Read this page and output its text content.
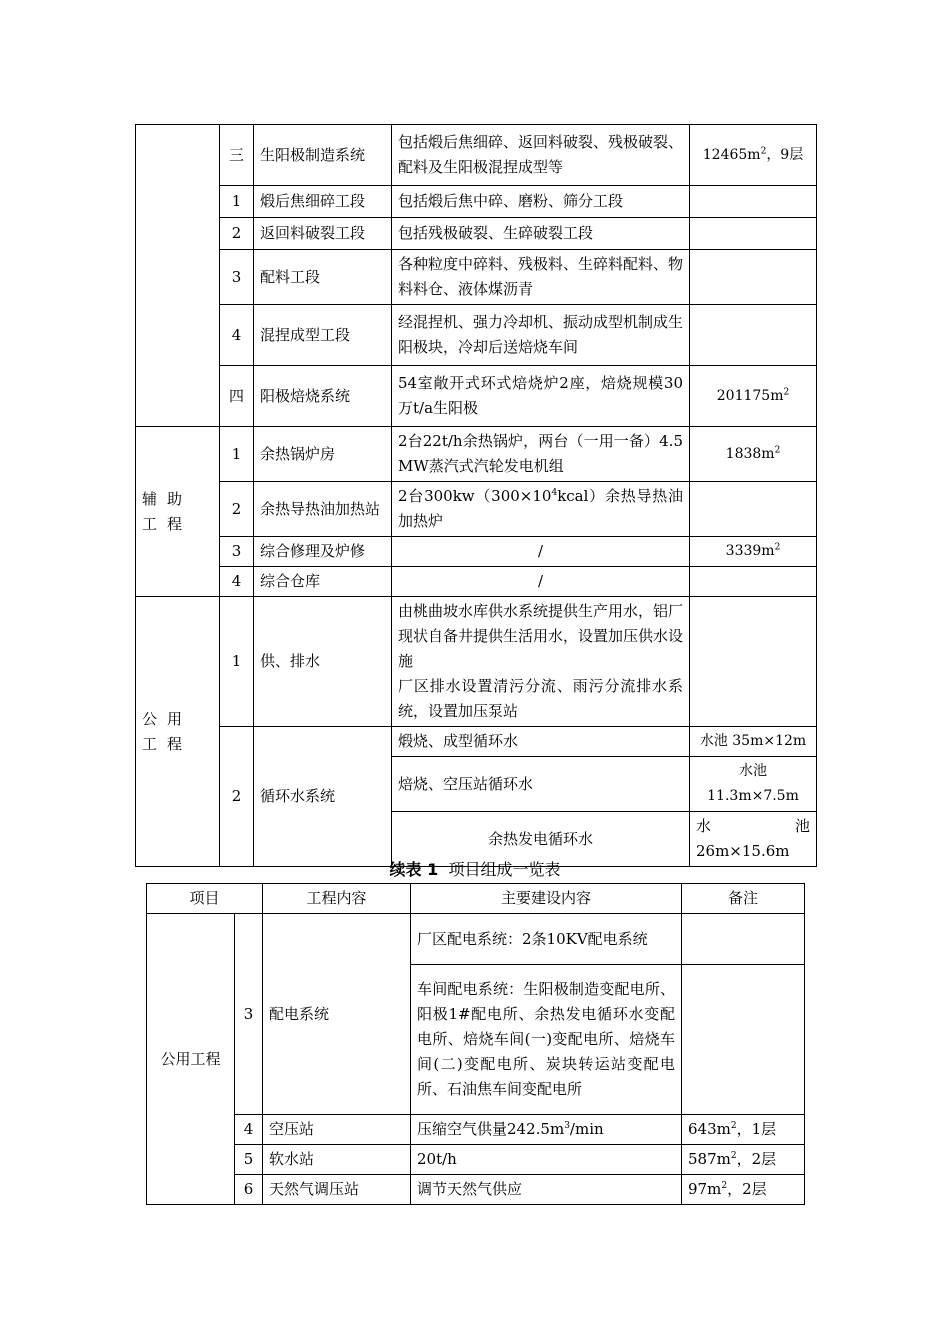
	三	生阳极制造系统	包括煅后焦细碎、返回料破裂、残极破裂、配料及生阳极混捏成型等	$12465m^2$，9层
	1	煅后焦细碎工段	包括煅后焦中碎、磨粉、筛分工段	
	2	返回料破裂工段	包括残极破裂、生碎破裂工段	
	3	配料工段	各种粒度中碎料、残极料、生碎料配料、物料料仓、液体煤沥青	
	4	混捏成型工段	经混捏机、强力冷却机、振动成型机制成生阳极块，冷却后送焙烧车间	
	四	阳极焙烧系统	54室敞开式环式焙烧炉2座，焙烧规模30万t/a生阳极	$201175m^2$
辅助工程	1	余热锅炉房	2台22t/h余热锅炉，两台（一用一备）4.5MW蒸汽式汽轮发电机组	$1838m^2$
	2	余热导热油加热站	2台$300kw(300\times 10^4kcal)$余热导热油加热炉	
	3	综合修理及炉修	/	$3339m^2$
	4	综合仓库	/	
公用工程	1	供、排水	由桃曲坡水库供水系统提供生产用水，铝厂现状自备井提供生活用水，设置加压供水设施
厂区排水设置清污分流、雨污分流排水系统，设置加压泵站	
	2	循环水系统	煅烧、成型循环水	水池 35m×12m
			焙烧、空压站循环水	水池
11.3m×7.5m
			余热发电循环水	水 池
26m×15.6m
续表 1 项目组成一览表
项目		工程内容	主要建设内容	备注
公用工程	3	配电系统	厂区配电系统：2条10KV配电系统	
			车间配电系统：生阳极制造变配电所、阳极1#配电所、余热发电循环水变配电所、焙烧车间(一)变配电所、焙烧车间(二)变配电所、炭块转运站变配电所、石油焦车间变配电所	
	4	空压站	压缩空气供量$242.5m^3/\min$	$643m^2$，1层
	5	软水站	20t/h	$587m^2$，2层
	6	天然气调压站	调节天然气供应	$97m^2$，2层
